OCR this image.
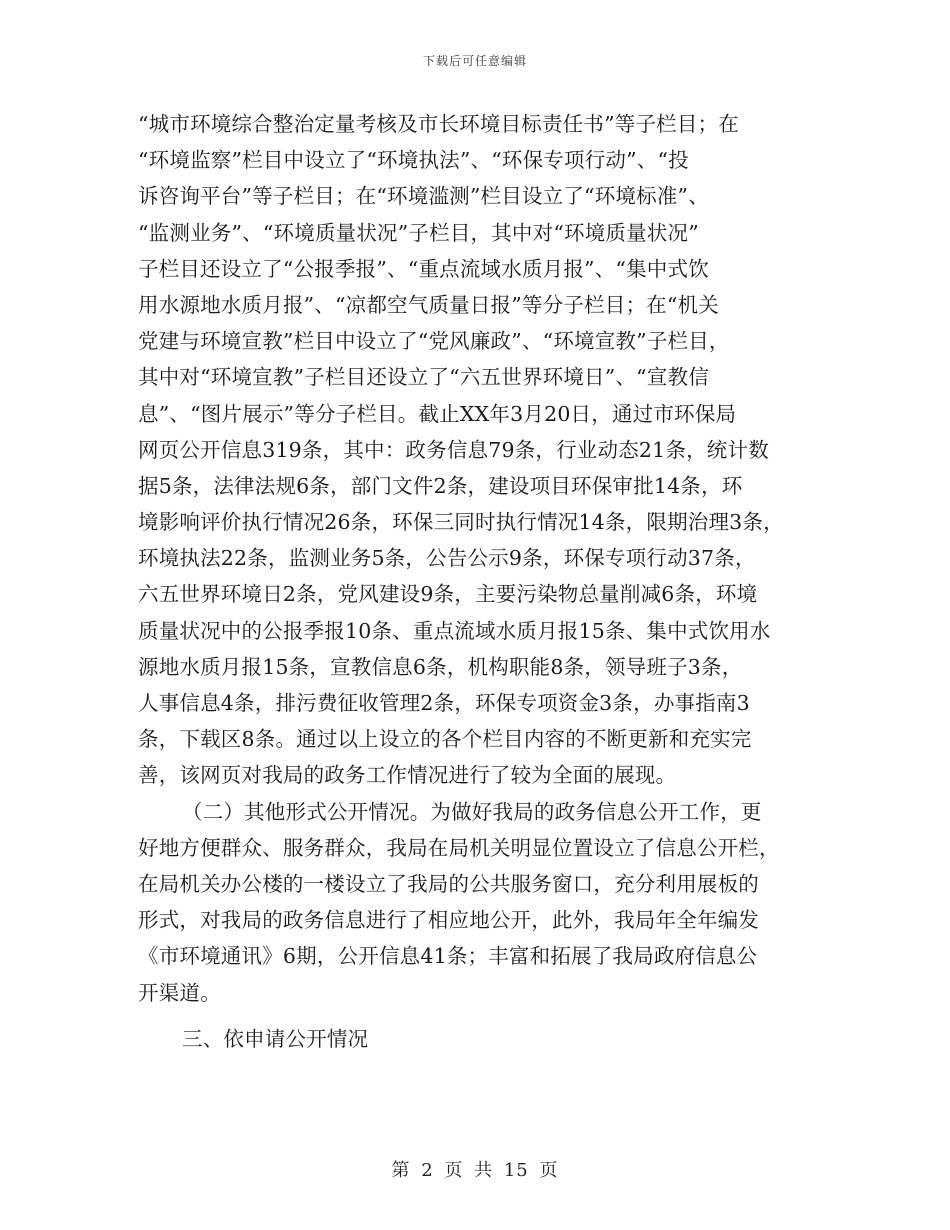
下载后可任意编辑
“城市环境综合整治定量考核及市长环境目标责任书”等子栏目；在
“环境监察”栏目中设立了“环境执法”、“环保专项行动”、“投
诉咨询平台”等子栏目；在“环境滥测”栏目设立了“环境标准”、
“监测业务”、“环境质量状况”子栏目，其中对“环境质量状况”
子栏目还设立了“公报季报”、“重点流域水质月报”、“集中式饮
用水源地水质月报”、“凉都空气质量日报”等分子栏目；在“机关
党建与环境宣教”栏目中设立了“党风廉政”、“环境宣教”子栏目，
其中对“环境宣教”子栏目还设立了“六五世界环境日”、“宣教信
息”、“图片展示”等分子栏目。截止XX年3月20日，通过市环保局
网页公开信息319条，其中：政务信息79条，行业动态21条，统计数
据5条，法律法规6条，部门文件2条，建设项目环保审批14条，环
境影响评价执行情况26条，环保三同时执行情况14条，限期治理3条，
环境执法22条，监测业务5条，公告公示9条，环保专项行动37条，
六五世界环境日2条，党风建设9条，主要污染物总量削减6条，环境
质量状况中的公报季报10条、重点流域水质月报15条、集中式饮用水
源地水质月报15条，宣教信息6条，机构职能8条，领导班子3条，
人事信息4条，排污费征收管理2条，环保专项资金3条，办事指南3
条，下载区8条。通过以上设立的各个栏目内容的不断更新和充实完
善，该网页对我局的政务工作情况进行了较为全面的展现。
（二）其他形式公开情况。为做好我局的政务信息公开工作，更
好地方便群众、服务群众，我局在局机关明显位置设立了信息公开栏，
在局机关办公楼的一楼设立了我局的公共服务窗口，充分利用展板的
形式，对我局的政务信息进行了相应地公开，此外，我局年全年编发
《市环境通讯》6期，公开信息41条；丰富和拓展了我局政府信息公
开渠道。
三、依申请公开情况
第 2 页 共 15 页
